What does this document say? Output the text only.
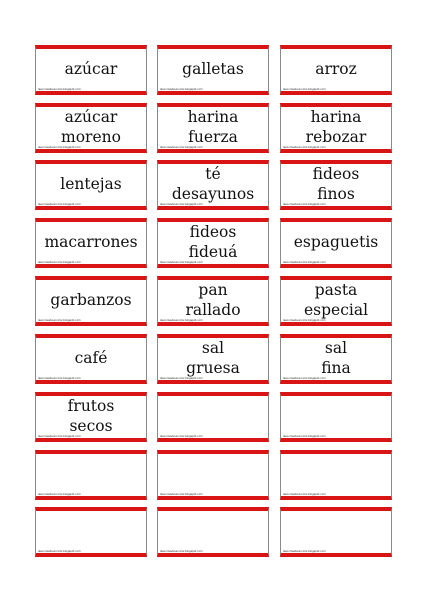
azúcar
lasonrisadeuncolor.blogspot.com
galletas
lasonrisadeuncolor.blogspot.com
arroz
lasonrisadeuncolor.blogspot.com
azúcar
moreno
lasonrisadeuncolor.blogspot.com
harina
fuerza
lasonrisadeuncolor.blogspot.com
harina
rebozar
lasonrisadeuncolor.blogspot.com
lentejas
lasonrisadeuncolor.blogspot.com
té
desayunos
lasonrisadeuncolor.blogspot.com
fideos
finos
lasonrisadeuncolor.blogspot.com
macarrones
lasonrisadeuncolor.blogspot.com
fideos
fideuá
lasonrisadeuncolor.blogspot.com
espaguetis
lasonrisadeuncolor.blogspot.com
garbanzos
lasonrisadeuncolor.blogspot.com
pan
rallado
lasonrisadeuncolor.blogspot.com
pasta
especial
lasonrisadeuncolor.blogspot.com
café
lasonrisadeuncolor.blogspot.com
sal
gruesa
lasonrisadeuncolor.blogspot.com
sal
fina
lasonrisadeuncolor.blogspot.com
frutos
secos
lasonrisadeuncolor.blogspot.com	lasonrisadeuncolor.blogspot.com	lasonrisadeuncolor.blogspot.com
lasonrisadeuncolor.blogspot.com	lasonrisadeuncolor.blogspot.com	lasonrisadeuncolor.blogspot.com
lasonrisadeuncolor.blogspot.com	lasonrisadeuncolor.blogspot.com	lasonrisadeuncolor.blogspot.com
